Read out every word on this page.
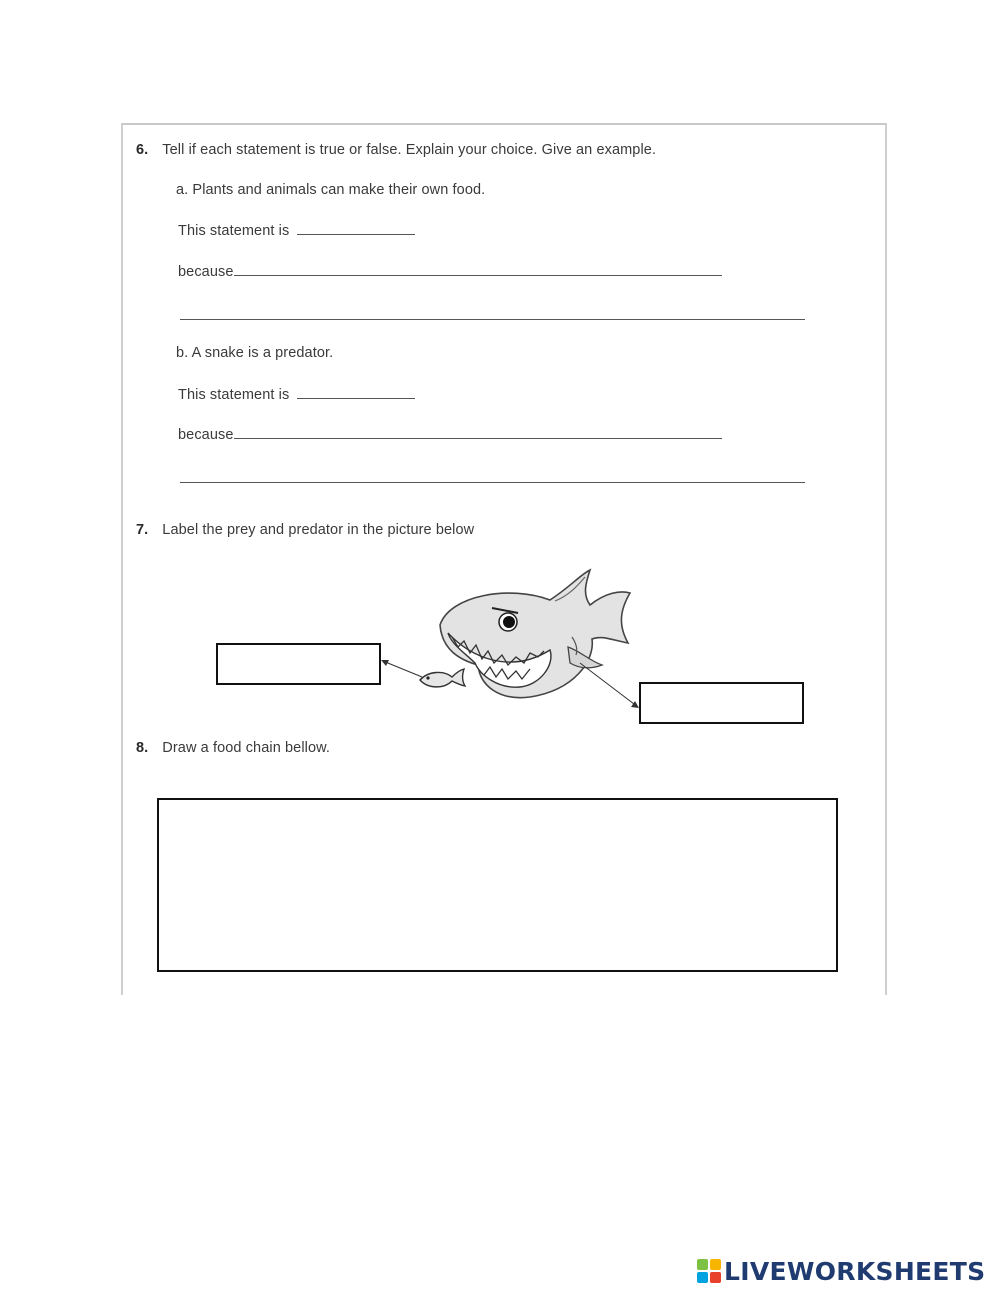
6. Tell if each statement is true or false. Explain your choice. Give an example.
a. Plants and animals can make their own food.
This statement is
because
b. A snake is a predator.
This statement is
because
7. Label the prey and predator in the picture below
8. Draw a food chain bellow.
LIVEWORKSHEETS
